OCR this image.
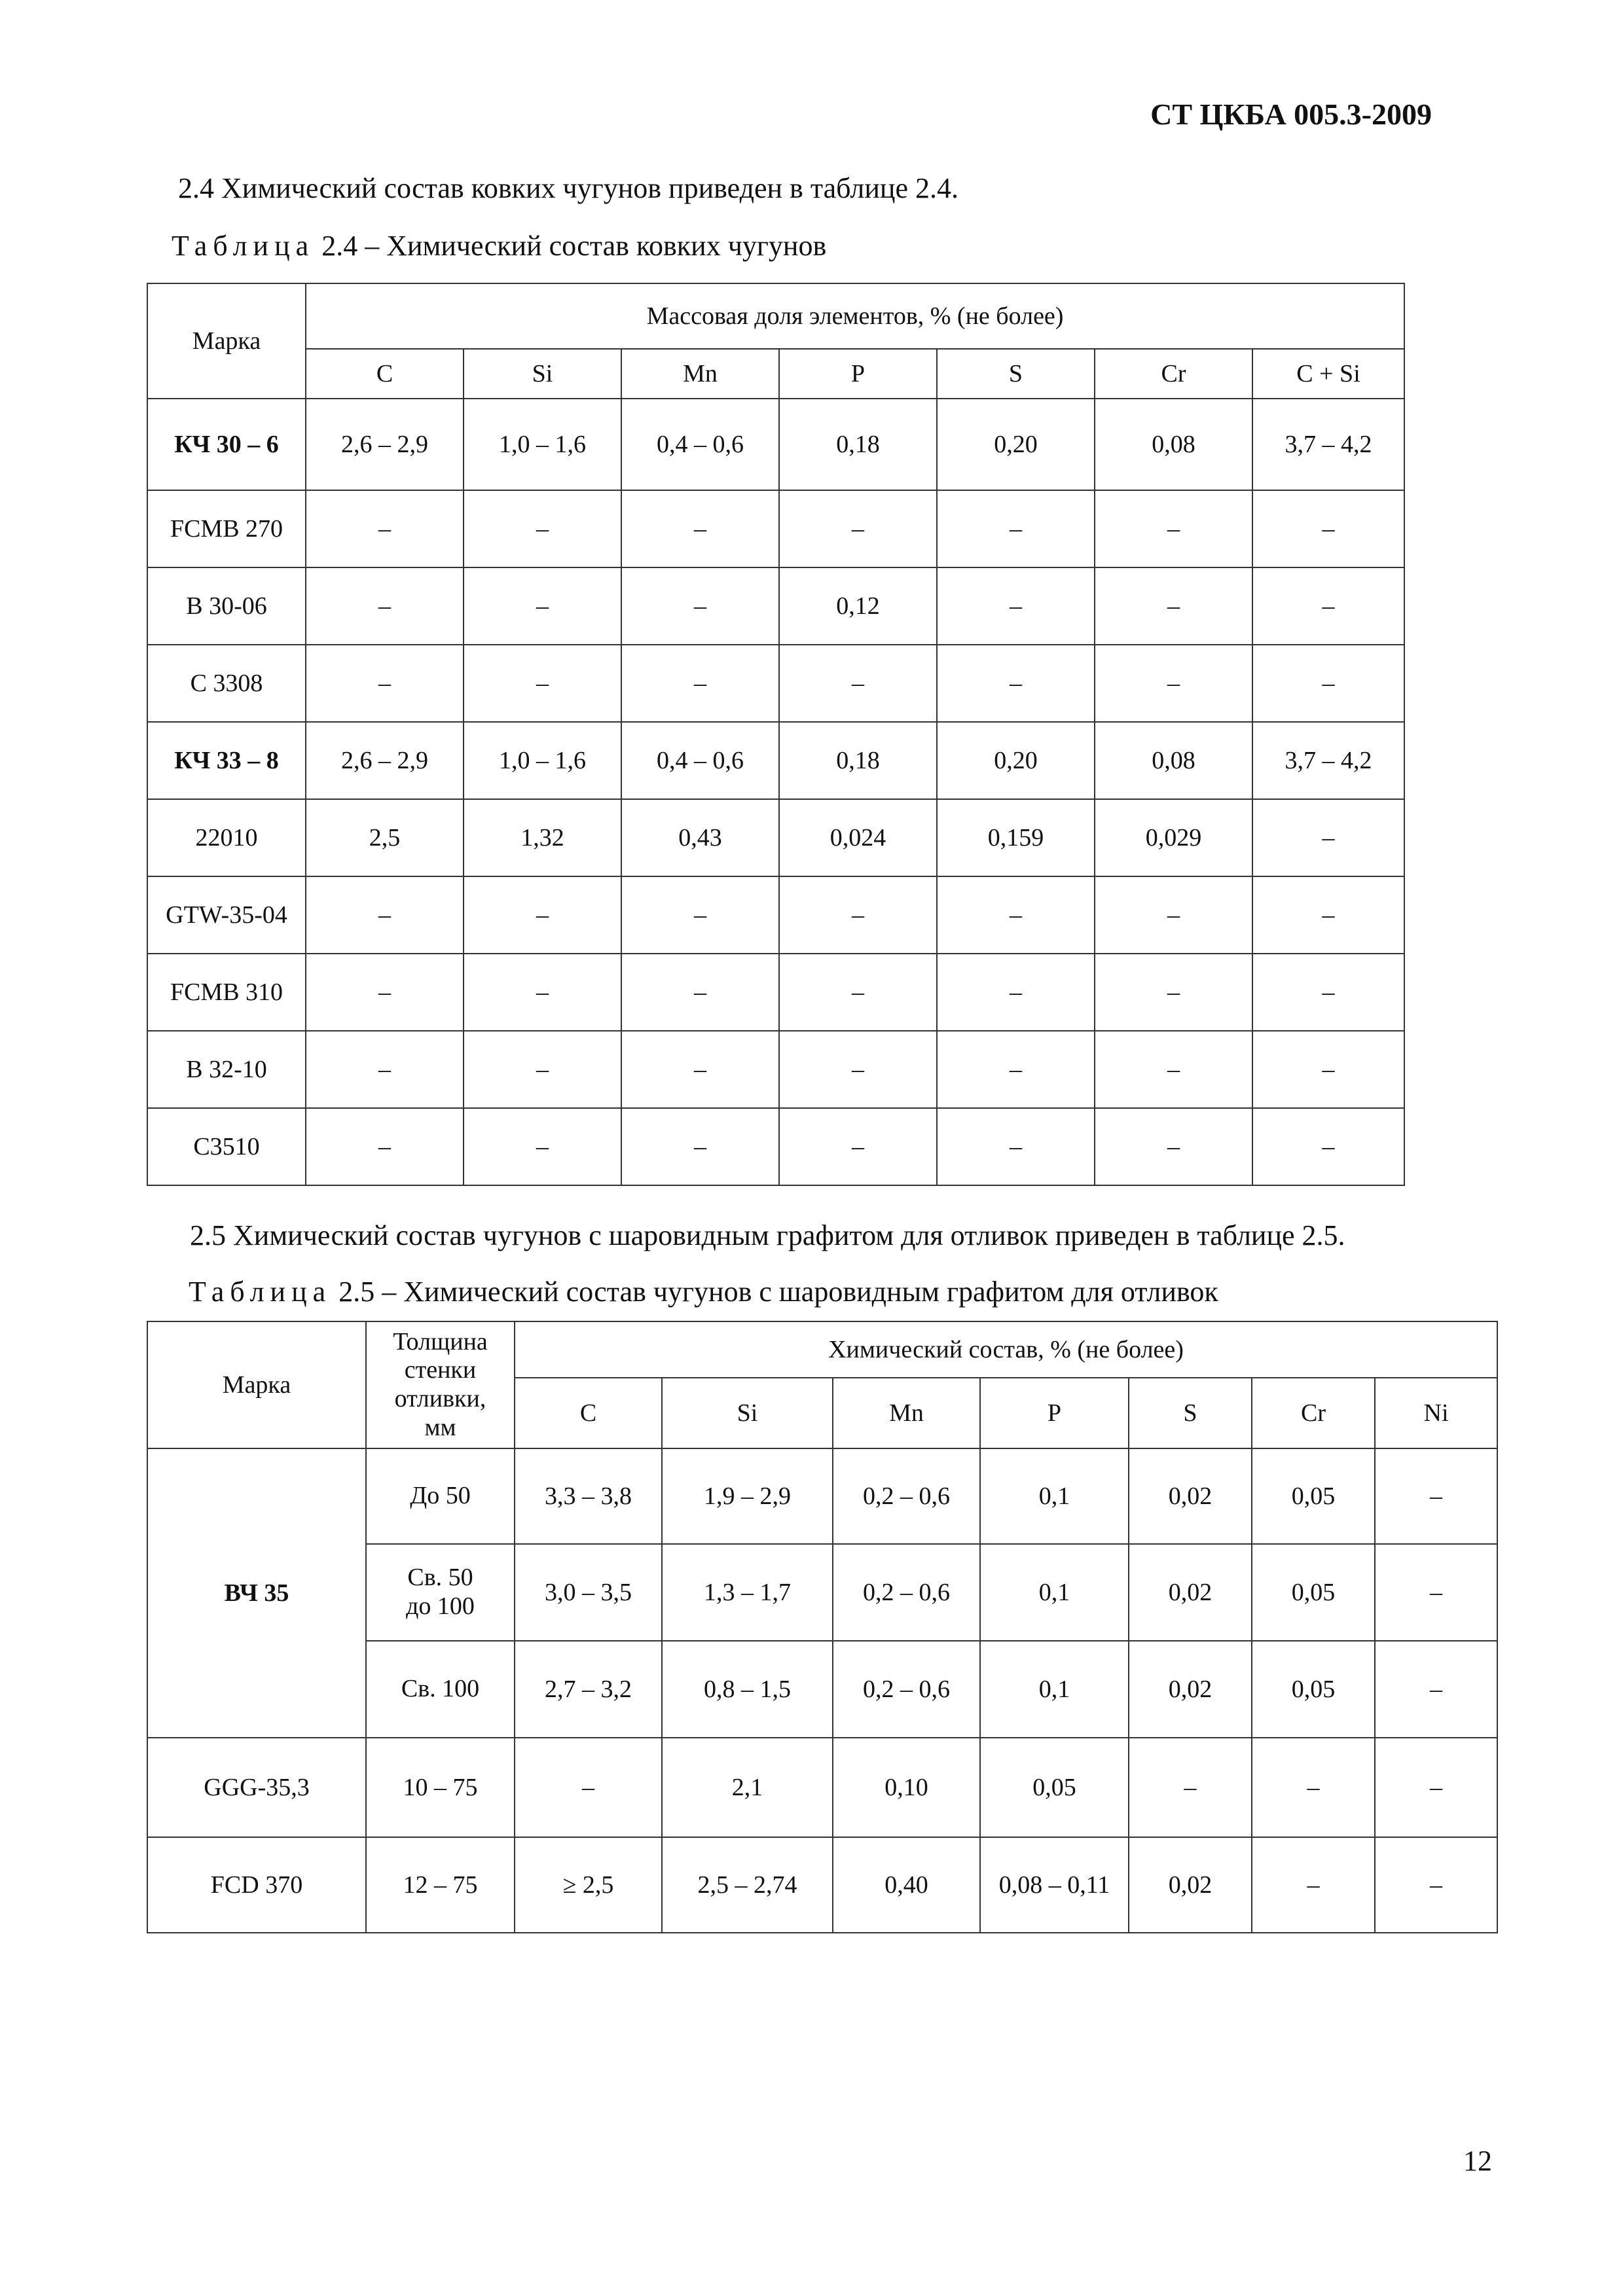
СТ ЦКБА 005.3-2009
2.4 Химический состав ковких чугунов приведен в таблице 2.4.
Таблица 2.4 – Химический состав ковких чугунов
Марка	Массовая доля элементов, % (не более)						
	C	Si	Mn	P	S	Cr	C + Si
КЧ 30 – 6	2,6 – 2,9	1,0 – 1,6	0,4 – 0,6	0,18	0,20	0,08	3,7 – 4,2
FCMB 270	–	–	–	–	–	–	–
B 30-06	–	–	–	0,12	–	–	–
C 3308	–	–	–	–	–	–	–
КЧ 33 – 8	2,6 – 2,9	1,0 – 1,6	0,4 – 0,6	0,18	0,20	0,08	3,7 – 4,2
22010	2,5	1,32	0,43	0,024	0,159	0,029	–
GTW-35-04	–	–	–	–	–	–	–
FCMB 310	–	–	–	–	–	–	–
B 32-10	–	–	–	–	–	–	–
C3510	–	–	–	–	–	–	–
2.5 Химический состав чугунов с шаровидным графитом для отливок приведен в таблице 2.5.
Таблица 2.5 – Химический состав чугунов с шаровидным графитом для отливок
Марка	Толщина
стенки
отливки,
мм	Химический состав, % (не более)						
		C	Si	Mn	P	S	Cr	Ni
ВЧ 35	До 50	3,3 – 3,8	1,9 – 2,9	0,2 – 0,6	0,1	0,02	0,05	–

	Св. 50
до 100	3,0 – 3,5	1,3 – 1,7	0,2 – 0,6	0,1	0,02	0,05	–

	Св. 100	2,7 – 3,2	0,8 – 1,5	0,2 – 0,6	0,1	0,02	0,05	–
GGG-35,3	10 – 75	–	2,1	0,10	0,05	–	–	–
FCD 370	12 – 75	≥ 2,5	2,5 – 2,74	0,40	0,08 – 0,11	0,02	–	–
12
